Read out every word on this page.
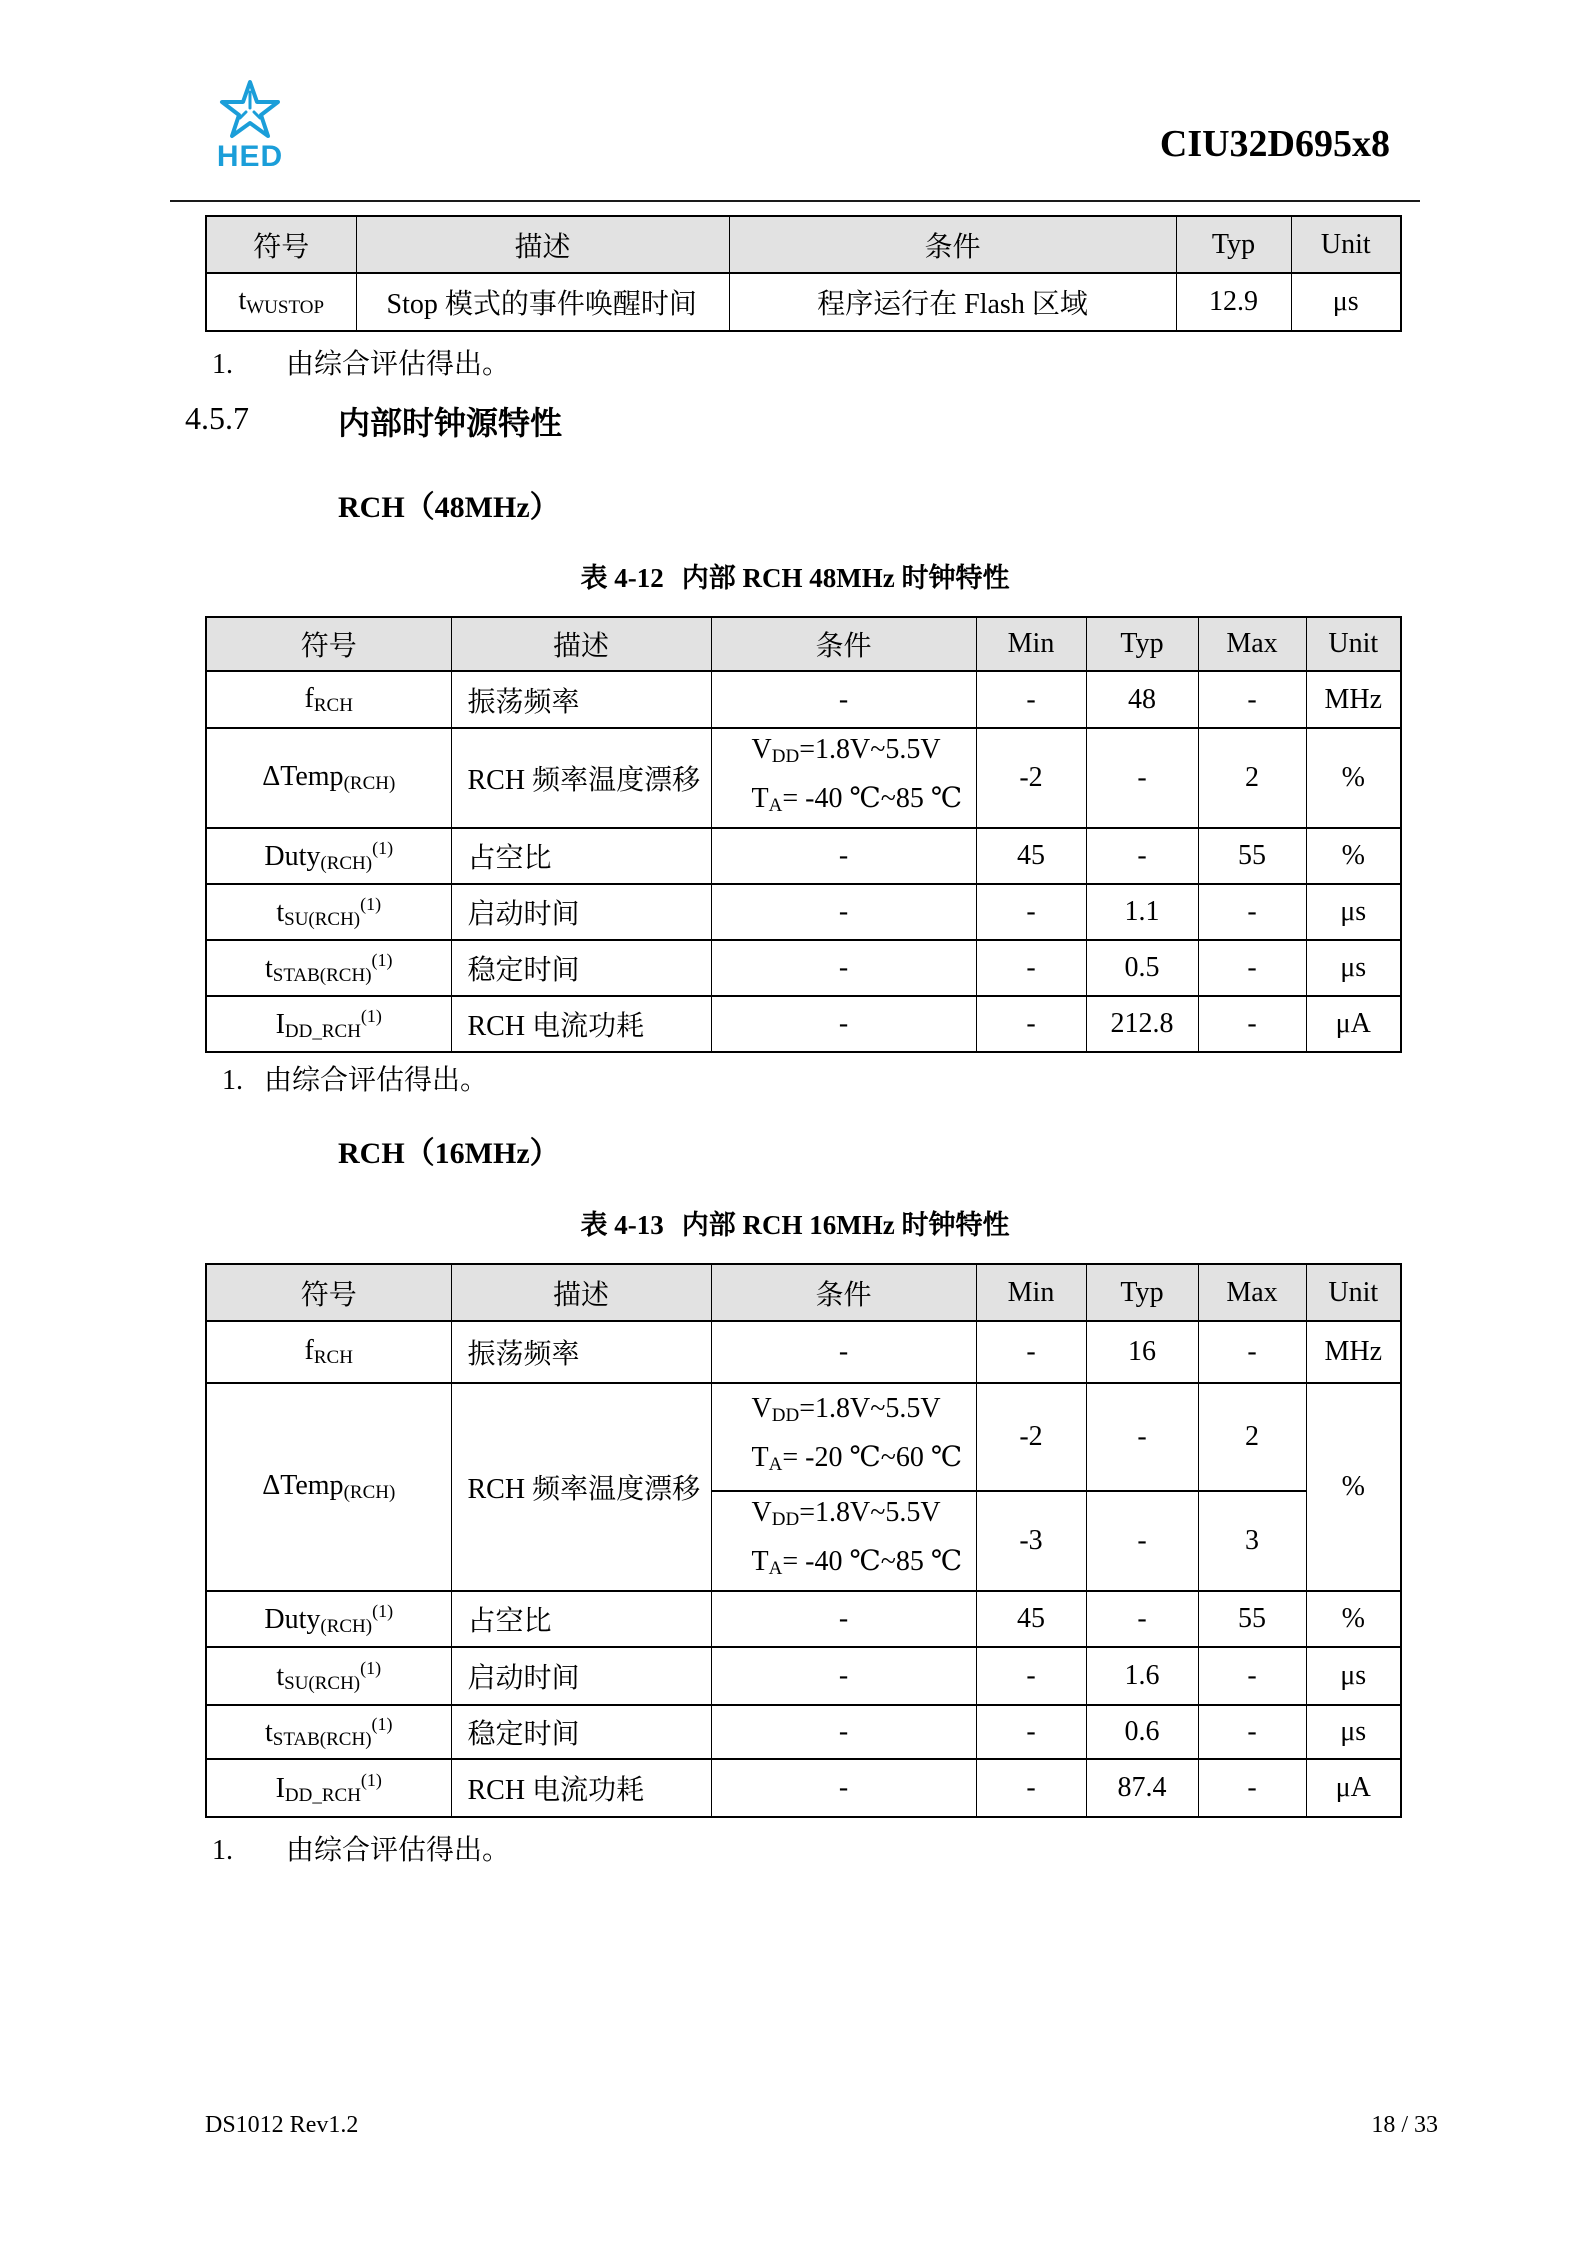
HED	CIU32D695x8
符号	描述	条件	Typ	Unit
tWUSTOP	Stop 模式的事件唤醒时间	程序运行在 Flash 区域	12.9	μs
1. 由综合评估得出。
4.5.7	内部时钟源特性
RCH（48MHz）
表 4-12 内部 RCH 48MHz 时钟特性
符号	描述	条件	Min	Typ	Max	Unit
fRCH	振荡频率	-	-	48	-	MHz
ΔTemp(RCH)	RCH 频率温度漂移	VDD=1.8V~5.5V
TA= -40 ℃~85 ℃	-2	-	2	%
Duty(RCH)$^{(1)}$	占空比	-	45	-	55	%
tSU(RCH)$^{(1)}$	启动时间	-	-	1.1	-	μs
tSTAB(RCH)$^{(1)}$	稳定时间	-	-	0.5	-	μs
IDD_RCH$^{(1)}$	RCH 电流功耗	-	-	212.8	-	μA
1. 由综合评估得出。
RCH（16MHz）
表 4-13 内部 RCH 16MHz 时钟特性
符号	描述	条件	Min	Typ	Max	Unit
fRCH	振荡频率	-	-	16	-	MHz
ΔTemp(RCH)	RCH 频率温度漂移	VDD=1.8V~5.5V
TA= -20 ℃~60 ℃	-2	-	2	%

		VDD=1.8V~5.5V
TA= -40 ℃~85 ℃	-3	-	3	
Duty(RCH)$^{(1)}$	占空比	-	45	-	55	%
tSU(RCH)$^{(1)}$	启动时间	-	-	1.6	-	μs
tSTAB(RCH)$^{(1)}$	稳定时间	-	-	0.6	-	μs
IDD_RCH$^{(1)}$	RCH 电流功耗	-	-	87.4	-	μA
1. 由综合评估得出。
DS1012 Rev1.2	18 / 33
